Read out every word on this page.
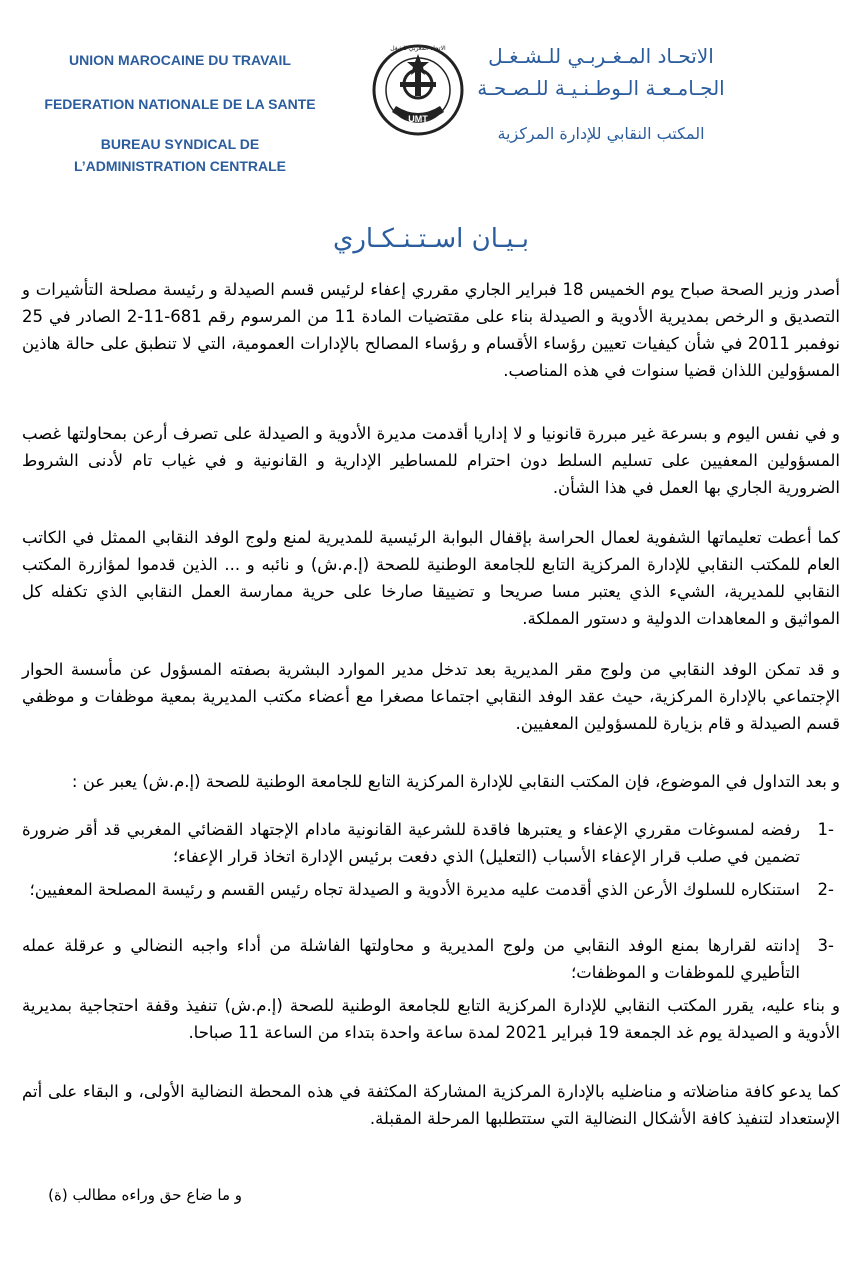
UNION MAROCAINE DU TRAVAIL
FEDERATION NATIONALE DE LA SANTE
BUREAU SYNDICAL DE
L’ADMINISTRATION CENTRALE
UMT
الاتحاد المغربي للشغل	الاتحـاد المـغـربـي للـشـغـل
الجـامـعـة الـوطـنـيـة للـصـحـة
المكتب النقابي للإدارة المركزية
بـيـان اسـتـنـكـاري

أصدر وزير الصحة صباح يوم الخميس 18 فبراير الجاري مقرري إعفاء لرئيس قسم الصيدلة و رئيسة مصلحة التأشيرات و التصديق و الرخص بمديرية الأدوية و الصيدلة بناء على مقتضيات المادة 11 من المرسوم رقم 681-11-2 الصادر في 25 نوفمبر 2011 في شأن كيفيات تعيين رؤساء الأقسام و رؤساء المصالح بالإدارات العمومية، التي لا تنطبق على حالة هاذين المسؤولين اللذان قضيا سنوات في هذه المناصب.

و في نفس اليوم و بسرعة غير مبررة قانونيا و لا إداريا أقدمت مديرة الأدوية و الصيدلة على تصرف أرعن بمحاولتها غصب المسؤولين المعفيين على تسليم السلط دون احترام للمساطير الإدارية و القانونية و في غياب تام لأدنى الشروط الضرورية الجاري بها العمل في هذا الشأن.

كما أعطت تعليماتها الشفوية لعمال الحراسة بإقفال البوابة الرئيسية للمديرية لمنع ولوج الوفد النقابي الممثل في الكاتب العام للمكتب النقابي للإدارة المركزية التابع للجامعة الوطنية للصحة (إ.م.ش) و نائبه و ... الذين قدموا لمؤازرة المكتب النقابي للمديرية، الشيء الذي يعتبر مسا صريحا و تضييقا صارخا على حرية ممارسة العمل النقابي الذي تكفله كل المواثيق و المعاهدات الدولية و دستور المملكة.

و قد تمكن الوفد النقابي من ولوج مقر المديرية بعد تدخل مدير الموارد البشرية بصفته المسؤول عن مأسسة الحوار الإجتماعي بالإدارة المركزية، حيث عقد الوفد النقابي اجتماعا مصغرا مع أعضاء مكتب المديرية بمعية موظفات و موظفي قسم الصيدلة و قام بزيارة للمسؤولين المعفيين.

و بعد التداول في الموضوع، فإن المكتب النقابي للإدارة المركزية التابع للجامعة الوطنية للصحة (إ.م.ش) يعبر عن :

-1

رفضه لمسوغات مقرري الإعفاء و يعتبرها فاقدة للشرعية القانونية مادام الإجتهاد القضائي المغربي قد أقر ضرورة تضمين في صلب قرار الإعفاء الأسباب (التعليل) الذي دفعت برئيس الإدارة اتخاذ قرار الإعفاء؛

-2

استنكاره للسلوك الأرعن الذي أقدمت عليه مديرة الأدوية و الصيدلة تجاه رئيس القسم و رئيسة المصلحة المعفيين؛

-3

إدانته لقرارها بمنع الوفد النقابي من ولوج المديرية و محاولتها الفاشلة من أداء واجبه النضالي و عرقلة عمله التأطيري للموظفات و الموظفات؛

و بناء عليه، يقرر المكتب النقابي للإدارة المركزية التابع للجامعة الوطنية للصحة (إ.م.ش) تنفيذ وقفة احتجاجية بمديرية الأدوية و الصيدلة يوم غد الجمعة 19 فبراير 2021 لمدة ساعة واحدة بتداء من الساعة 11 صباحا.

كما يدعو كافة مناضلاته و مناضليه بالإدارة المركزية المشاركة المكثفة في هذه المحطة النضالية الأولى، و البقاء على أتم الإستعداد لتنفيذ كافة الأشكال النضالية التي ستتطلبها المرحلة المقبلة.

و ما ضاع حق وراءه مطالب (ة)
